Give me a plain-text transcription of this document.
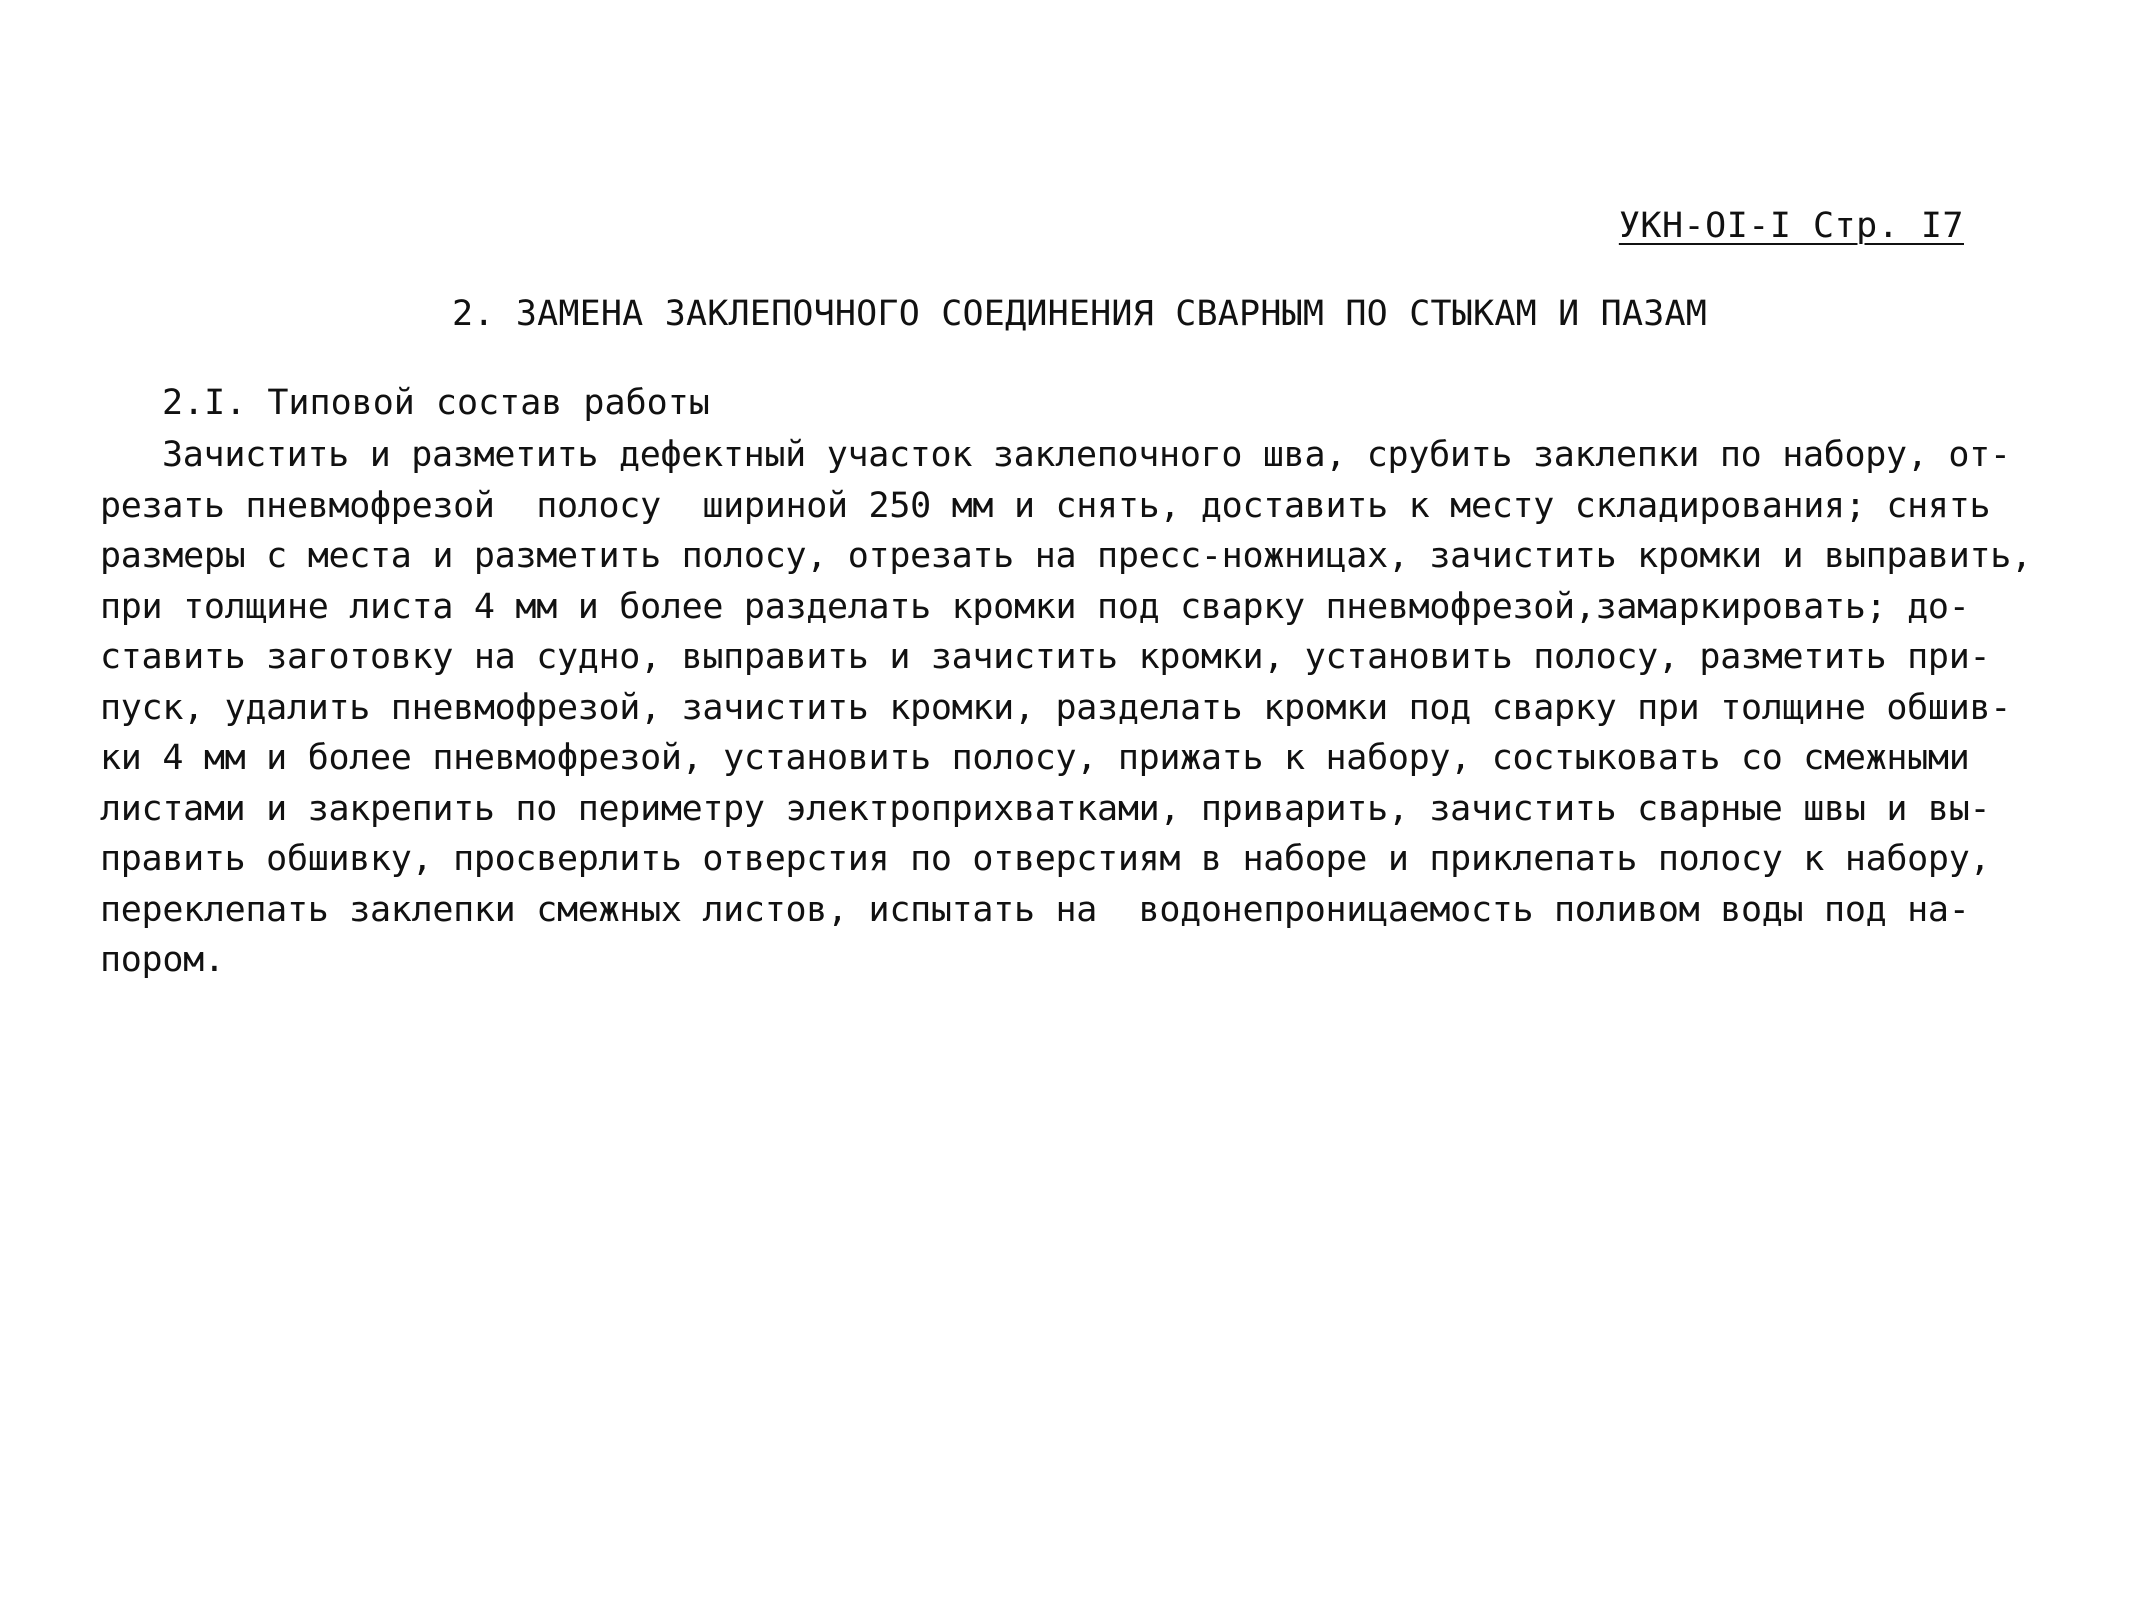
УКН-ОI-I Стр. I7
2. ЗАМЕНА ЗАКЛЕПОЧНОГО СОЕДИНЕНИЯ СВАРНЫМ ПО СТЫКАМ И ПАЗАМ
2.I. Типовой состав работы
Зачистить и разметить дефектный участок заклепочного шва, срубить заклепки по набору, от-
резать пневмофрезой  полосу  шириной 250 мм и снять, доставить к месту складирования; снять
размеры с места и разметить полосу, отрезать на пресс-ножницах, зачистить кромки и выправить,
при толщине листа 4 мм и более разделать кромки под сварку пневмофрезой,замаркировать; до-
ставить заготовку на судно, выправить и зачистить кромки, установить полосу, разметить при-
пуск, удалить пневмофрезой, зачистить кромки, разделать кромки под сварку при толщине обшив-
ки 4 мм и более пневмофрезой, установить полосу, прижать к набору, состыковать со смежными
листами и закрепить по периметру электроприхватками, приварить, зачистить сварные швы и вы-
править обшивку, просверлить отверстия по отверстиям в наборе и приклепать полосу к набору,
переклепать заклепки смежных листов, испытать на  водонепроницаемость поливом воды под на-
пором.
